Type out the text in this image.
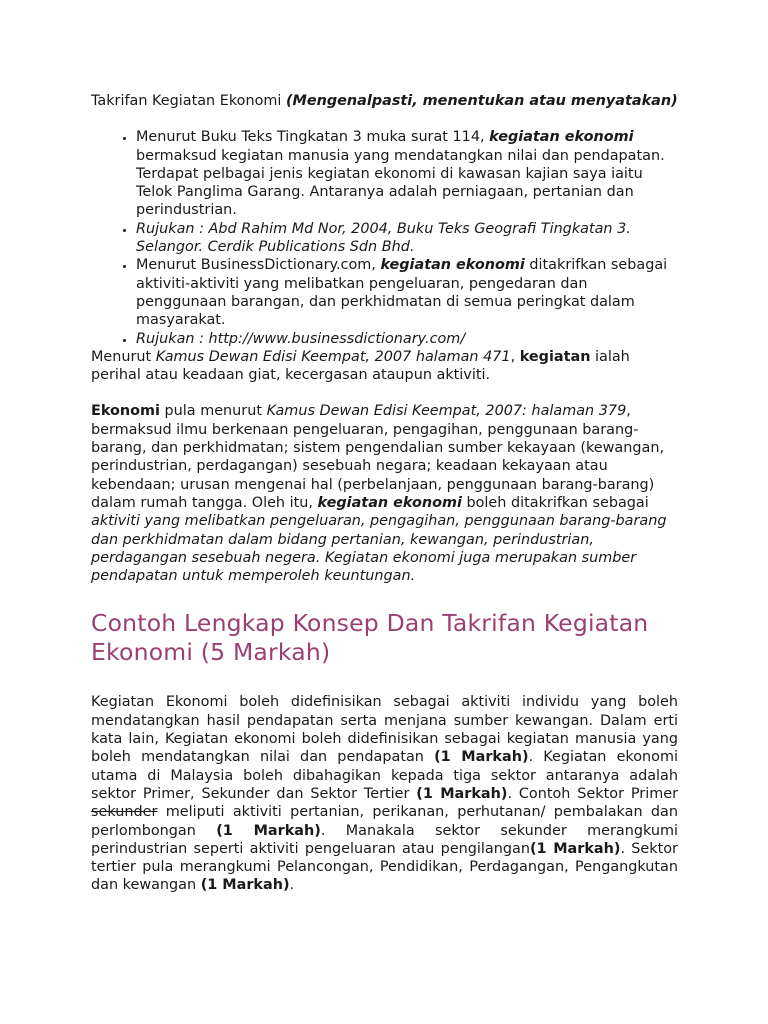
Takrifan Kegiatan Ekonomi (Mengenalpasti, menentukan atau menyatakan)

• Menurut Buku Teks Tingkatan 3 muka surat 114, kegiatan ekonomi bermaksud kegiatan manusia yang mendatangkan nilai dan pendapatan. Terdapat pelbagai jenis kegiatan ekonomi di kawasan kajian saya iaitu Telok Panglima Garang. Antaranya adalah perniagaan, pertanian dan perindustrian.
• Rujukan : Abd Rahim Md Nor, 2004, Buku Teks Geografi Tingkatan 3. Selangor. Cerdik Publications Sdn Bhd.
• Menurut BusinessDictionary.com, kegiatan ekonomi ditakrifkan sebagai aktiviti-aktiviti yang melibatkan pengeluaran, pengedaran dan penggunaan barangan, dan perkhidmatan di semua peringkat dalam masyarakat.
• Rujukan : http://www.businessdictionary.com/

Menurut Kamus Dewan Edisi Keempat, 2007 halaman 471, kegiatan ialah perihal atau keadaan giat, kecergasan ataupun aktiviti.

Ekonomi pula menurut Kamus Dewan Edisi Keempat, 2007: halaman 379, bermaksud ilmu berkenaan pengeluaran, pengagihan, penggunaan barang-barang, dan perkhidmatan; sistem pengendalian sumber kekayaan (kewangan, perindustrian, perdagangan) sesebuah negara; keadaan kekayaan atau kebendaan; urusan mengenai hal (perbelanjaan, penggunaan barang-barang) dalam rumah tangga. Oleh itu, kegiatan ekonomi boleh ditakrifkan sebagai aktiviti yang melibatkan pengeluaran, pengagihan, penggunaan barang-barang dan perkhidmatan dalam bidang pertanian, kewangan, perindustrian, perdagangan sesebuah negera. Kegiatan ekonomi juga merupakan sumber pendapatan untuk memperoleh keuntungan.

Contoh Lengkap Konsep Dan Takrifan Kegiatan Ekonomi (5 Markah)

Kegiatan Ekonomi boleh didefinisikan sebagai aktiviti individu yang boleh mendatangkan hasil pendapatan serta menjana sumber kewangan. Dalam erti kata lain, Kegiatan ekonomi boleh didefinisikan sebagai kegiatan manusia yang boleh mendatangkan nilai dan pendapatan (1 Markah). Kegiatan ekonomi utama di Malaysia boleh dibahagikan kepada tiga sektor antaranya adalah sektor Primer, Sekunder dan Sektor Tertier (1 Markah). Contoh Sektor Primer sekunder meliputi aktiviti pertanian, perikanan, perhutanan/ pembalakan dan perlombongan (1 Markah). Manakala sektor sekunder merangkumi perindustrian seperti aktiviti pengeluaran atau pengilangan(1 Markah). Sektor tertier pula merangkumi Pelancongan, Pendidikan, Perdagangan, Pengangkutan dan kewangan (1 Markah).
